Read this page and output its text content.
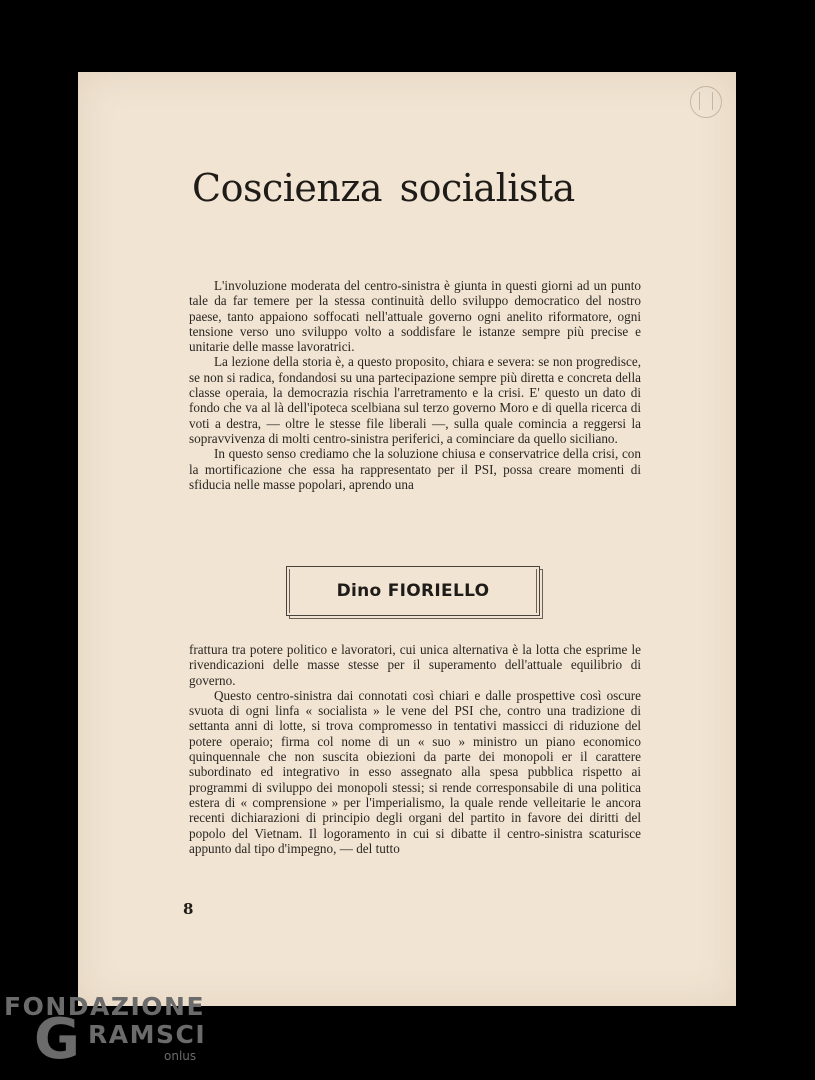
Coscienza socialista

L'involuzione moderata del centro-sinistra è giunta in questi giorni ad un punto tale da far temere per la stessa continuità dello sviluppo democratico del nostro paese, tanto appaiono soffocati nell'attuale governo ogni anelito riformatore, ogni tensione verso uno sviluppo volto a soddisfare le istanze sempre più precise e unitarie delle masse lavoratrici.

La lezione della storia è, a questo proposito, chiara e severa: se non progredisce, se non si radica, fondandosi su una partecipazione sempre più diretta e concreta della classe operaia, la democrazia rischia l'arretramento e la crisi. E' questo un dato di fondo che va al là dell'ipoteca scelbiana sul terzo governo Moro e di quella ricerca di voti a destra, — oltre le stesse file liberali —, sulla quale comincia a reggersi la sopravvivenza di molti centro-sinistra periferici, a cominciare da quello siciliano.

In questo senso crediamo che la soluzione chiusa e conservatrice della crisi, con la mortificazione che essa ha rappresentato per il PSI, possa creare momenti di sfiducia nelle masse popolari, aprendo una

Dino FIORIELLO

frattura tra potere politico e lavoratori, cui unica alternativa è la lotta che esprime le rivendicazioni delle masse stesse per il superamento dell'attuale equilibrio di governo.

Questo centro-sinistra dai connotati così chiari e dalle prospettive così oscure svuota di ogni linfa « socialista » le vene del PSI che, contro una tradizione di settanta anni di lotte, si trova compromesso in tentativi massicci di riduzione del potere operaio; firma col nome di un « suo » ministro un piano economico quinquennale che non suscita obiezioni da parte dei monopoli er il carattere subordinato ed integrativo in esso assegnato alla spesa pubblica rispetto ai programmi di sviluppo dei monopoli stessi; si rende corresponsabile di una politica estera di « comprensione » per l'imperialismo, la quale rende velleitarie le ancora recenti dichiarazioni di principio degli organi del partito in favore dei diritti del popolo del Vietnam. Il logoramento in cui si dibatte il centro-sinistra scaturisce appunto dal tipo d'impegno, — del tutto

8
FONDAZIONE
G RAMSCI
onlus
